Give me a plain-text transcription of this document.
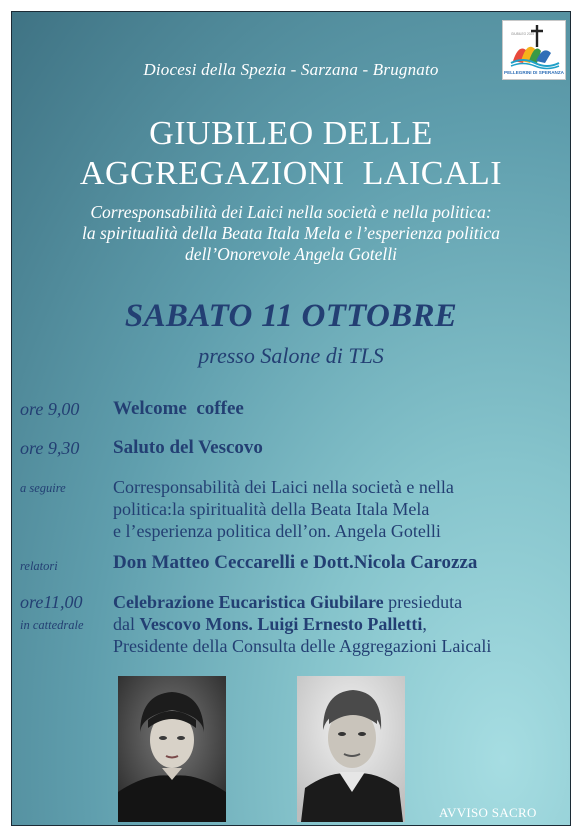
PELLEGRINI DI SPERANZA
GIUBILEO 2025
Diocesi della Spezia - Sarzana - Brugnato
GIUBILEO DELLE
AGGREGAZIONI  LAICALI
Corresponsabilità dei Laici nella società e nella politica:
la spiritualità della Beata Itala Mela e l’esperienza politica
dell’Onorevole Angela Gotelli
SABATO 11 OTTOBRE
presso Salone di TLS
ore 9,00 Welcome  coffee
ore 9,30 Saluto del Vescovo
a seguire	Corresponsabilità dei Laici nella società e nella
politica:la spiritualità della Beata Itala Mela
e l’esperienza politica dell’on. Angela Gotelli
relatori	Don Matteo Ceccarelli e Dott.Nicola Carozza
ore11,00
in cattedrale
Celebrazione Eucaristica Giubilare presieduta
dal Vescovo Mons. Luigi Ernesto Palletti,
Presidente della Consulta delle Aggregazioni Laicali
AVVISO SACRO
